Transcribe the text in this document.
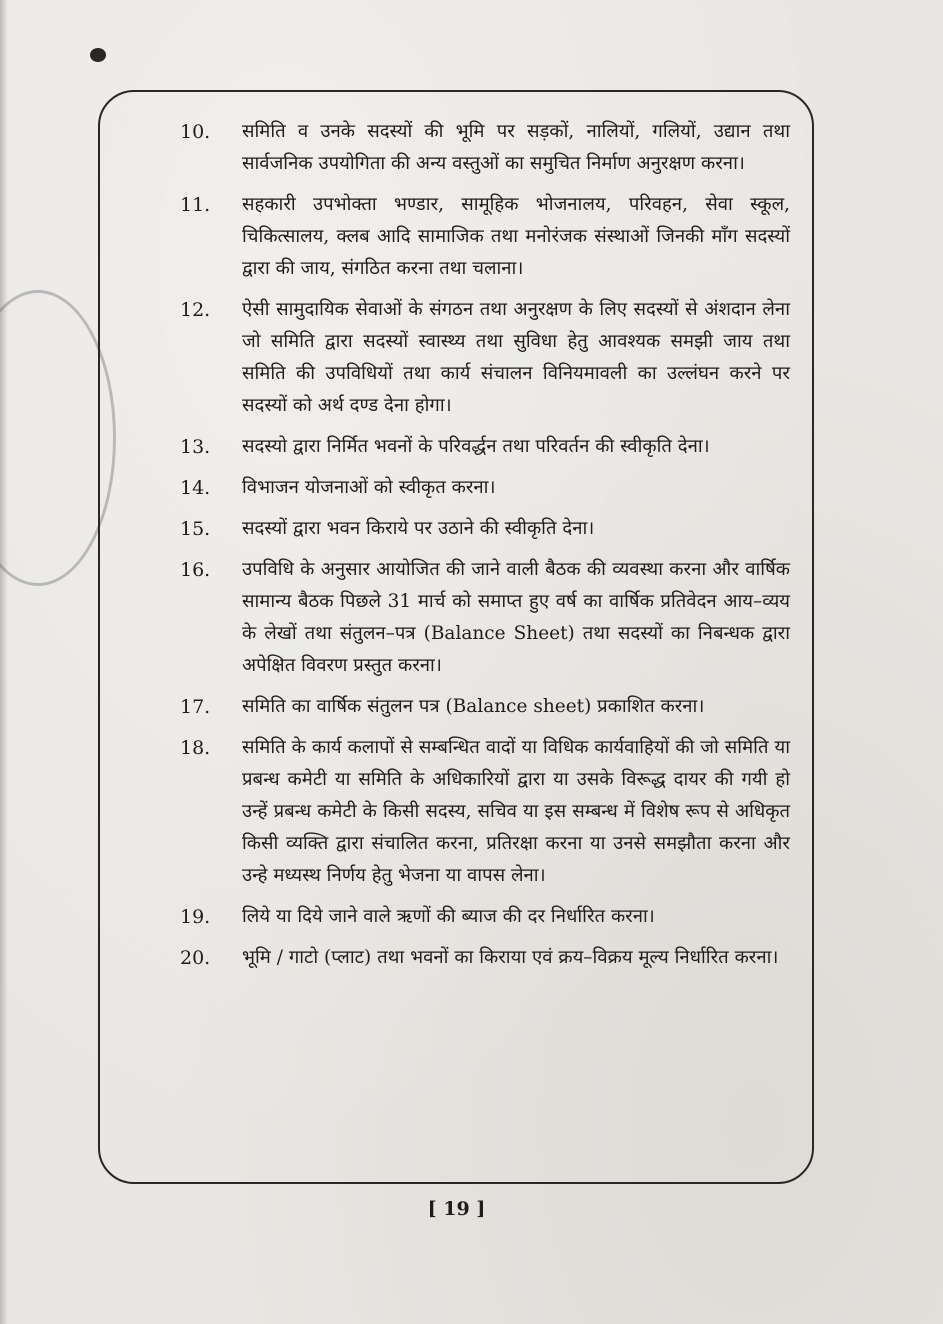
10.	समिति व उनके सदस्यों की भूमि पर सड़कों, नालियों, गलियों, उद्यान तथा सार्वजनिक उपयोगिता की अन्य वस्तुओं का समुचित निर्माण अनुरक्षण करना।
11.	सहकारी उपभोक्ता भण्डार, सामूहिक भोजनालय, परिवहन, सेवा स्कूल, चिकित्सालय, क्लब आदि सामाजिक तथा मनोरंजक संस्थाओं जिनकी माँग सदस्यों द्वारा की जाय, संगठित करना तथा चलाना।
12.	ऐसी सामुदायिक सेवाओं के संगठन तथा अनुरक्षण के लिए सदस्यों से अंशदान लेना जो समिति द्वारा सदस्यों स्वास्थ्य तथा सुविधा हेतु आवश्यक समझी जाय तथा समिति की उपविधियों तथा कार्य संचालन विनियमावली का उल्लंघन करने पर सदस्यों को अर्थ दण्ड देना होगा।
13.	सदस्यो द्वारा निर्मित भवनों के परिवर्द्धन तथा परिवर्तन की स्वीकृति देना।
14.	विभाजन योजनाओं को स्वीकृत करना।
15.	सदस्यों द्वारा भवन किराये पर उठाने की स्वीकृति देना।
16.	उपविधि के अनुसार आयोजित की जाने वाली बैठक की व्यवस्था करना और वार्षिक सामान्य बैठक पिछले 31 मार्च को समाप्त हुए वर्ष का वार्षिक प्रतिवेदन आय–व्यय के लेखों तथा संतुलन–पत्र (Balance Sheet) तथा सदस्यों का निबन्धक द्वारा अपेक्षित विवरण प्रस्तुत करना।
17.	समिति का वार्षिक संतुलन पत्र (Balance sheet) प्रकाशित करना।
18.	समिति के कार्य कलापों से सम्बन्धित वादों या विधिक कार्यवाहियों की जो समिति या प्रबन्ध कमेटी या समिति के अधिकारियों द्वारा या उसके विरूद्ध दायर की गयी हो उन्हें प्रबन्ध कमेटी के किसी सदस्य, सचिव या इस सम्बन्ध में विशेष रूप से अधिकृत किसी व्यक्ति द्वारा संचालित करना, प्रतिरक्षा करना या उनसे समझौता करना और उन्हे मध्यस्थ निर्णय हेतु भेजना या वापस लेना।
19.	लिये या दिये जाने वाले ऋणों की ब्याज की दर निर्धारित करना।
20.	भूमि / गाटो (प्लाट) तथा भवनों का किराया एवं क्रय–विक्रय मूल्य निर्धारित करना।
[ 19 ]
